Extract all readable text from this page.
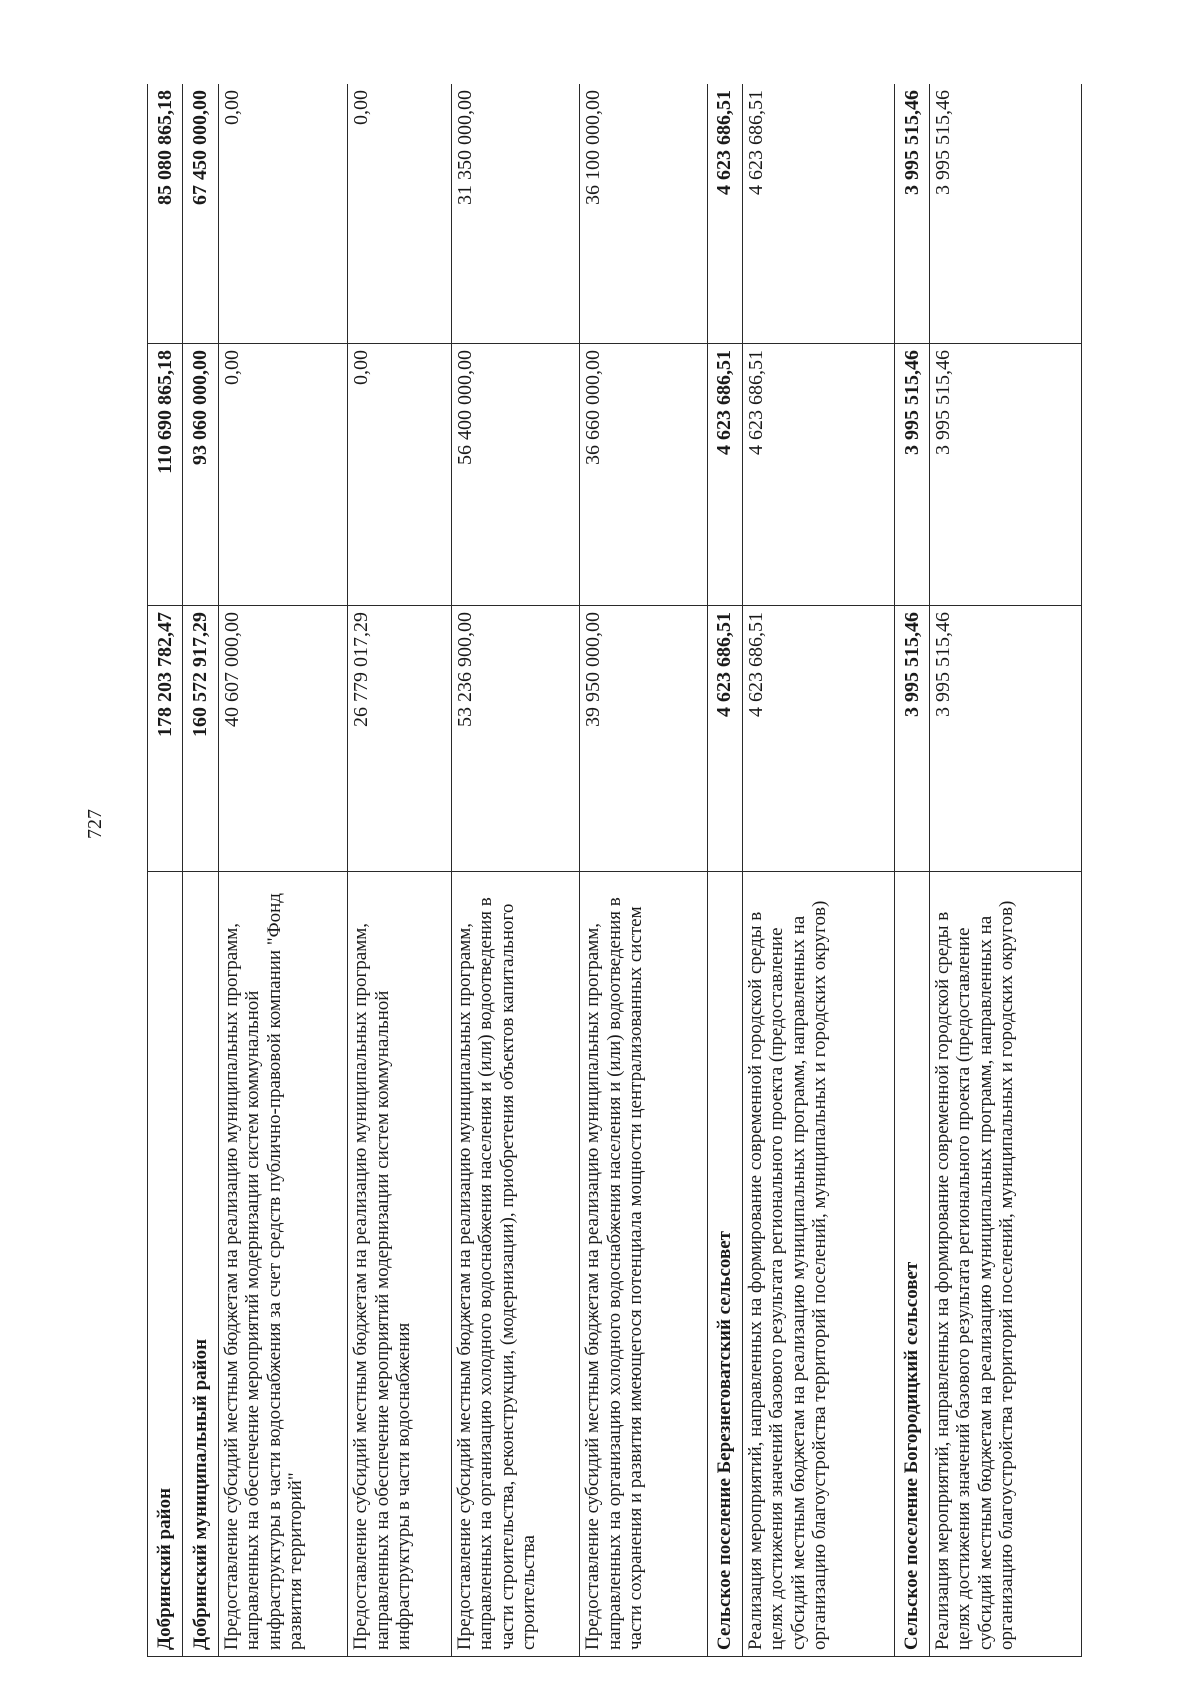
727
Добринский район	178 203 782,47	110 690 865,18	85 080 865,18
Добринский муниципальный район	160 572 917,29	93 060 000,00	67 450 000,00
Предоставление субсидий местным бюджетам на реализацию муниципальных программ, направленных на обеспечение мероприятий модернизации систем коммунальной инфраструктуры в части водоснабжения за счет средств публично-правовой компании "Фонд развития территорий"	40 607 000,00	0,00	0,00
Предоставление субсидий местным бюджетам на реализацию муниципальных программ, направленных на обеспечение мероприятий модернизации систем коммунальной инфраструктуры в части водоснабжения	26 779 017,29	0,00	0,00
Предоставление субсидий местным бюджетам на реализацию муниципальных программ, направленных на организацию холодного водоснабжения населения и (или) водоотведения в части строительства, реконструкции, (модернизации), приобретения объектов капитального строительства	53 236 900,00	56 400 000,00	31 350 000,00
Предоставление субсидий местным бюджетам на реализацию муниципальных программ, направленных на организацию холодного водоснабжения населения и (или) водоотведения в части сохранения и развития имеющегося потенциала мощности централизованных систем	39 950 000,00	36 660 000,00	36 100 000,00
Сельское поселение Березнеговатский сельсовет	4 623 686,51	4 623 686,51	4 623 686,51
Реализация мероприятий, направленных на формирование современной городской среды в целях достижения значений базового результата регионального проекта (предоставление субсидий местным бюджетам на реализацию муниципальных программ, направленных на организацию благоустройства территорий поселений, муниципальных и городских округов)	4 623 686,51	4 623 686,51	4 623 686,51
Сельское поселение Богородицкий сельсовет	3 995 515,46	3 995 515,46	3 995 515,46
Реализация мероприятий, направленных на формирование современной городской среды в целях достижения значений базового результата регионального проекта (предоставление субсидий местным бюджетам на реализацию муниципальных программ, направленных на организацию благоустройства территорий поселений, муниципальных и городских округов)	3 995 515,46	3 995 515,46	3 995 515,46
